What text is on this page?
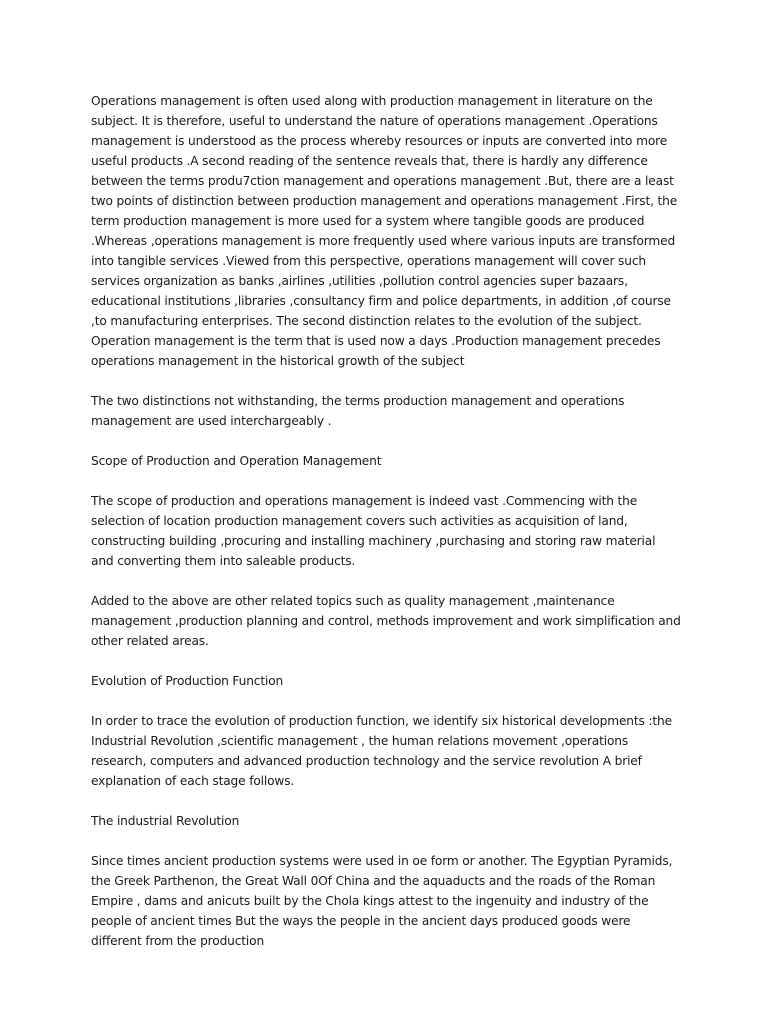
Operations management is often used along with production management in literature on the subject. It is therefore, useful to understand the nature of operations management .Operations management is understood as the process whereby resources or inputs are converted into more useful products .A second reading of the sentence reveals that, there is hardly any difference between the terms produ7ction management and operations management .But, there are a least two points of distinction between production management and operations management .First, the term production management is more used for a system where tangible goods are produced .Whereas ,operations management is more frequently used where various inputs are transformed into tangible services .Viewed from this perspective, operations management will cover such services organization as banks ,airlines ,utilities ,pollution control agencies super bazaars, educational institutions ,libraries ,consultancy firm and police departments, in addition ,of course ,to manufacturing enterprises. The second distinction relates to the evolution of the subject. Operation management is the term that is used now a days .Production management precedes operations management in the historical growth of the subject

The two distinctions not withstanding, the terms production management and operations management are used interchargeably .

Scope of Production and Operation Management

The scope of production and operations management is indeed vast .Commencing with the selection of location production management covers such activities as acquisition of land, constructing building ,procuring and installing machinery ,purchasing and storing raw material and converting them into saleable products.

Added to the above are other related topics such as quality management ,maintenance management ,production planning and control, methods improvement and work simplification and other related areas.

Evolution of Production Function

In order to trace the evolution of production function, we identify six historical developments :the Industrial Revolution ,scientific management , the human relations movement ,operations research, computers and advanced production technology and the service revolution A brief explanation of each stage follows.

The industrial Revolution

Since times ancient production systems were used in oe form or another. The Egyptian Pyramids, the Greek Parthenon, the Great Wall 0Of China and the aquaducts and the roads of the Roman Empire , dams and anicuts built by the Chola kings attest to the ingenuity and industry of the people of ancient times But the ways the people in the ancient days produced goods were different from the production
